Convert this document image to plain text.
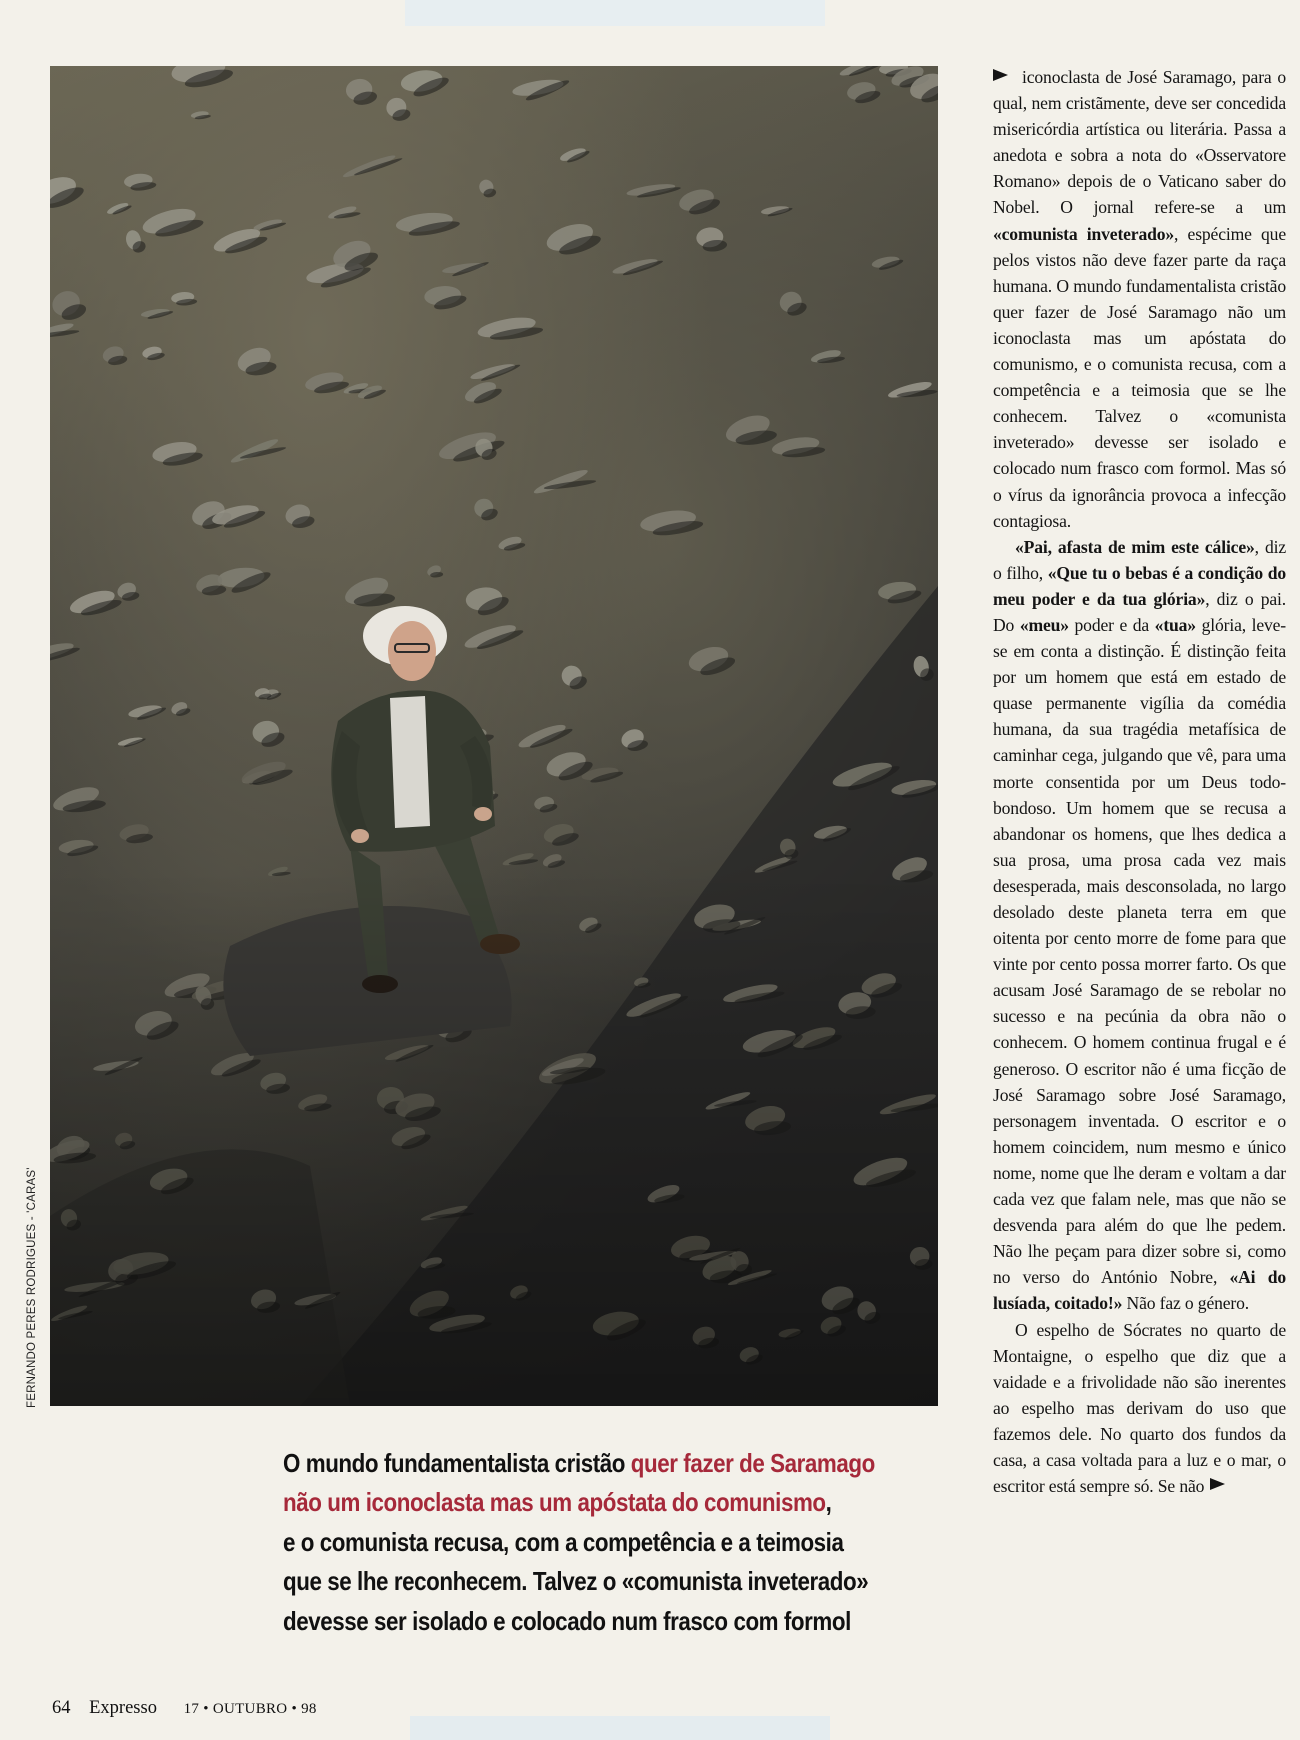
FERNANDO PERES RODRIGUES - 'CARAS'

iconoclasta de José Saramago, para o qual, nem cristãmente, deve ser concedida misericórdia artística ou literária. Passa a anedota e sobra a nota do «Osservatore Romano» depois de o Vaticano saber do Nobel. O jornal refere-se a um «comunista inveterado», espécime que pelos vistos não deve fazer parte da raça humana. O mundo fundamentalista cristão quer fazer de José Saramago não um iconoclasta mas um apóstata do comunismo, e o comunista recusa, com a competência e a teimosia que se lhe conhecem. Talvez o «comunista inveterado» devesse ser isolado e colocado num frasco com formol. Mas só o vírus da ignorância provoca a infecção contagiosa.

«Pai, afasta de mim este cálice», diz o filho, «Que tu o bebas é a condição do meu poder e da tua glória», diz o pai. Do «meu» poder e da «tua» glória, leve-se em conta a distinção. É distinção feita por um homem que está em estado de quase permanente vigília da comédia humana, da sua tragédia metafísica de caminhar cega, julgando que vê, para uma morte consentida por um Deus todo-bondoso. Um homem que se recusa a abandonar os homens, que lhes dedica a sua prosa, uma prosa cada vez mais desesperada, mais desconsolada, no largo desolado deste planeta terra em que oitenta por cento morre de fome para que vinte por cento possa morrer farto. Os que acusam José Saramago de se rebolar no sucesso e na pecúnia da obra não o conhecem. O homem continua frugal e é generoso. O escritor não é uma ficção de José Saramago sobre José Saramago, personagem inventada. O escritor e o homem coincidem, num mesmo e único nome, nome que lhe deram e voltam a dar cada vez que falam nele, mas que não se desvenda para além do que lhe pedem. Não lhe peçam para dizer sobre si, como no verso do António Nobre, «Ai do lusíada, coitado!» Não faz o género.

O espelho de Sócrates no quarto de Montaigne, o espelho que diz que a vaidade e a frivolidade não são inerentes ao espelho mas derivam do uso que fazemos dele. No quarto dos fundos da casa, a casa voltada para a luz e o mar, o escritor está sempre só. Se não

O mundo fundamentalista cristão quer fazer de Saramago
não um iconoclasta mas um apóstata do comunismo,
e o comunista recusa, com a competência e a teimosia
que se lhe reconhecem. Talvez o «comunista inveterado»
devesse ser isolado e colocado num frasco com formol
64 Expresso 17 • OUTUBRO • 98
